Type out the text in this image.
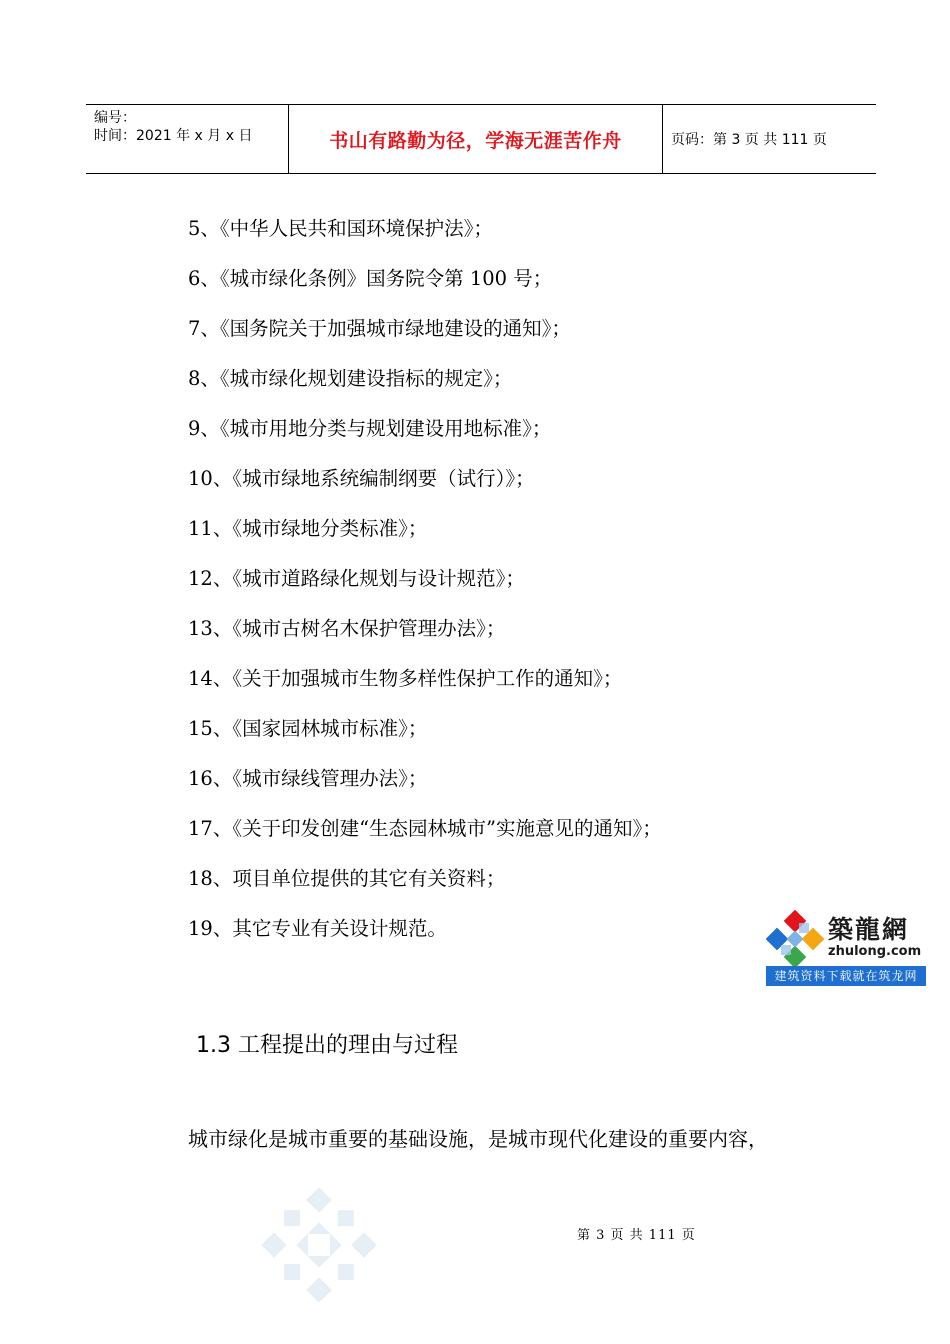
编号：
时间：2021 年 x 月 x 日	书山有路勤为径，学海无涯苦作舟	页码：第 3 页 共 111 页
5、《中华人民共和国环境保护法》；
6、《城市绿化条例》国务院令第 100 号；
7、《国务院关于加强城市绿地建设的通知》；
8、《城市绿化规划建设指标的规定》；
9、《城市用地分类与规划建设用地标准》；
10、《城市绿地系统编制纲要（试行）》；
11、《城市绿地分类标准》；
12、《城市道路绿化规划与设计规范》；
13、《城市古树名木保护管理办法》；
14、《关于加强城市生物多样性保护工作的通知》；
15、《国家园林城市标准》；
16、《城市绿线管理办法》；
17、《关于印发创建“生态园林城市”实施意见的通知》；
18、项目单位提供的其它有关资料；
19、其它专业有关设计规范。	築龍網
zhulong.com
建筑资料下载就在筑龙网
1.3 工程提出的理由与过程
城市绿化是城市重要的基础设施，是城市现代化建设的重要内容，
第 3 页 共 111 页
